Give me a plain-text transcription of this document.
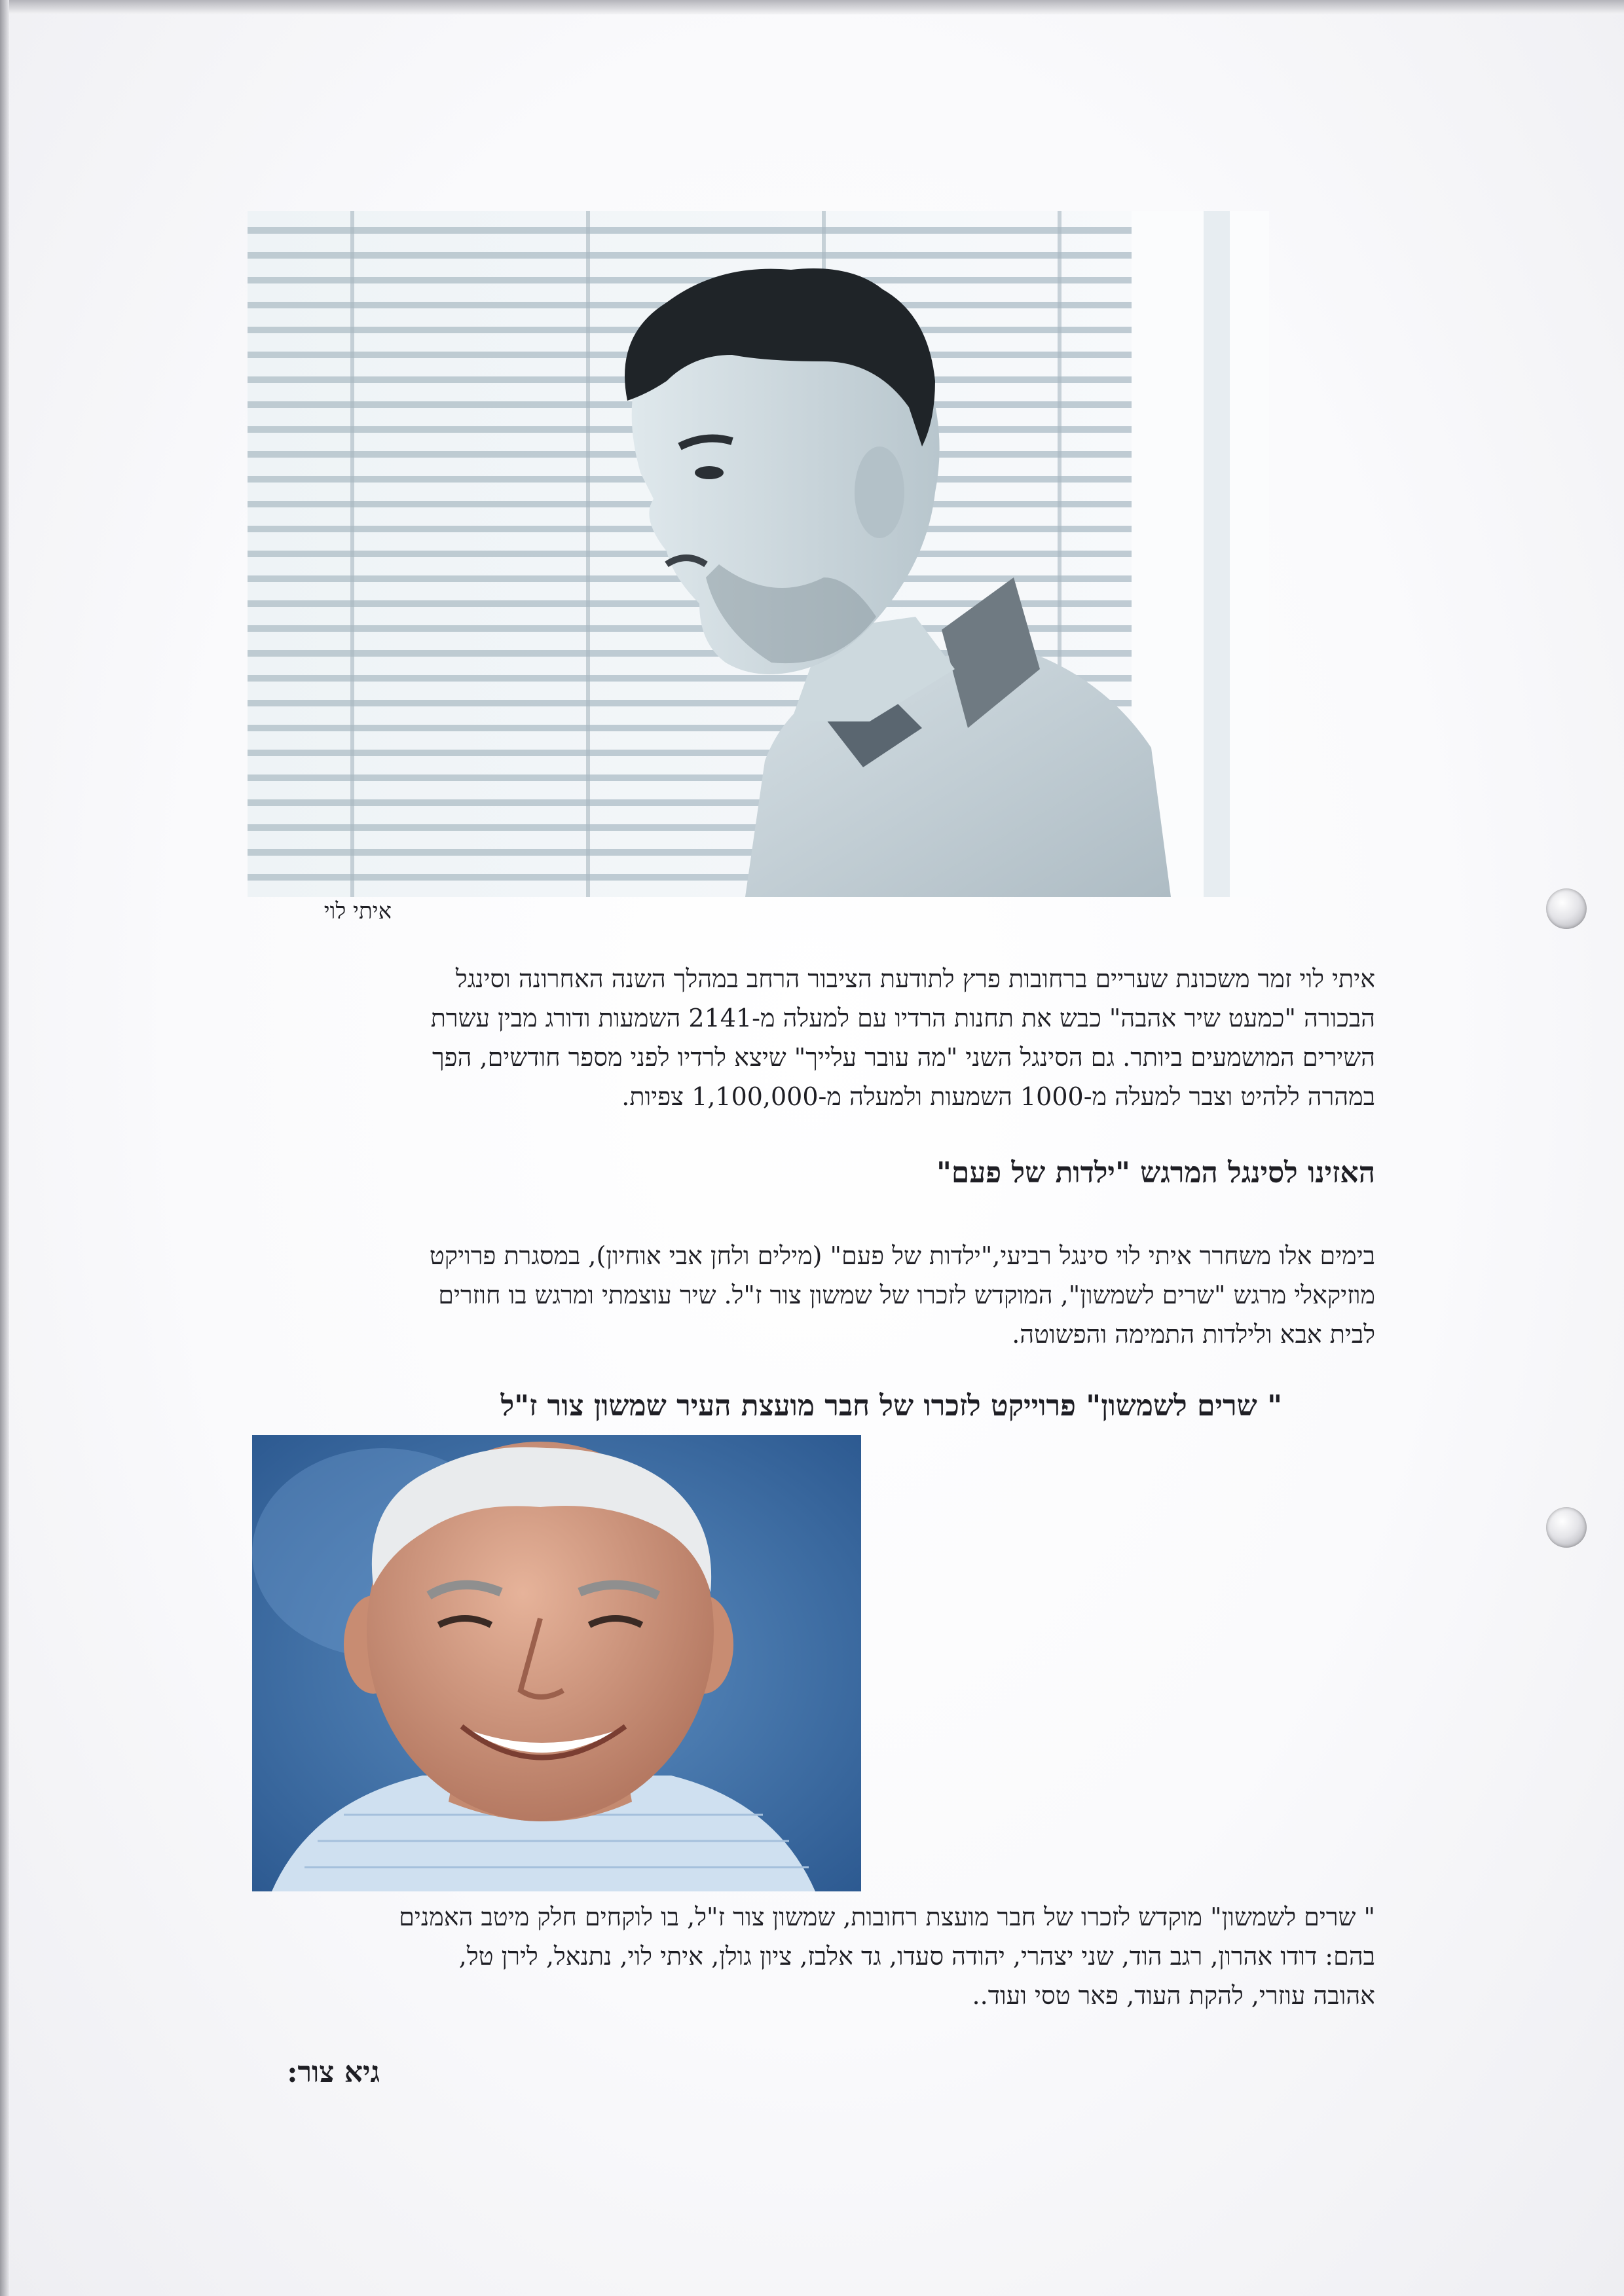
איתי לוי

איתי לוי זמר משכונת שעריים ברחובות פרץ לתודעת הציבור הרחב במהלך השנה האחרונה וסינגל

הבכורה "כמעט שיר אהבה" כבש את תחנות הרדיו עם למעלה מ-2141 השמעות ודורג מבין עשרת

השירים המושמעים ביותר. גם הסינגל השני "מה עובר עלייך" שיצא לרדיו לפני מספר חודשים, הפך

במהרה ללהיט וצבר למעלה מ-1000 השמעות ולמעלה מ-1,100,000 צפיות.

האזינו לסינגל המרגש "ילדות של פעם"

בימים אלו משחרר איתי לוי סינגל רביעי,"ילדות של פעם" (מילים ולחן אבי אוחיון), במסגרת פרויקט

מוזיקאלי מרגש "שרים לשמשון", המוקדש לזכרו של שמשון צור ז"ל. שיר עוצמתי ומרגש בו חוזרים

לבית אבא ולילדות התמימה והפשוטה.

" שרים לשמשון" פרוייקט לזכרו של חבר מועצת העיר שמשון צור ז"ל

" שרים לשמשון" מוקדש לזכרו של חבר מועצת רחובות, שמשון צור ז"ל, בו לוקחים חלק מיטב האמנים

בהם: דודו אהרון, רגב הוד, שני יצהרי, יהודה סעדו, גד אלבז, ציון גולן, איתי לוי, נתנאל, לירן טל,

אהובה עוזרי, להקת העוד, פאר טסי ועוד..

גיא צור:
